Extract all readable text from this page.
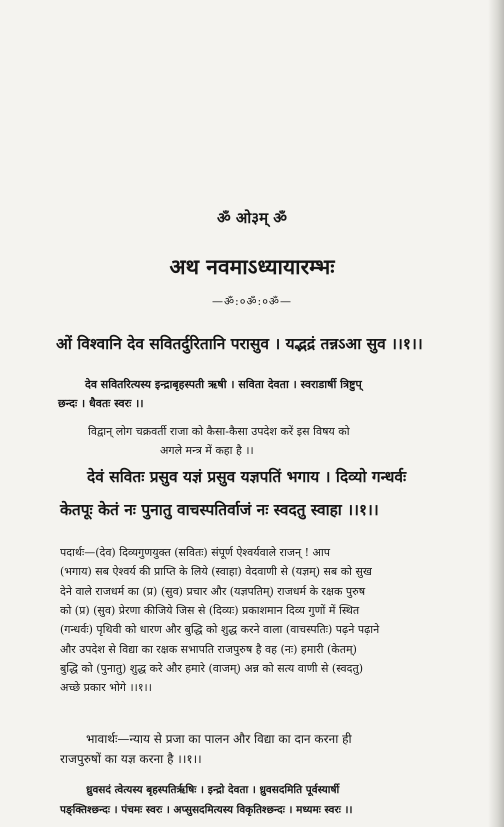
ॐ ओ३म् ॐ
अथ नवमाऽध्यायारम्भः
—ॐ:०ॐ:०ॐ—
ओं विश्वानि देव सवितर्दुरितानि परासुव । यद्भद्रं तन्नऽआ सुव ।।१।।
देव सवितरित्यस्य इन्द्राबृहस्पती ऋषी । सविता देवता । स्वराडार्षी त्रिष्टुप्
छन्दः । धैवतः स्वरः ।।
विद्वान् लोग चक्रवर्ती राजा को कैसा-कैसा उपदेश करें इस विषय को
अगले मन्त्र में कहा है ।।
देवं सवितः प्रसुव यज्ञं प्रसुव यज्ञपतिं भगाय । दिव्यो गन्धर्वः
केतपूः केतं नः पुनातु वाचस्पतिर्वाजं नः स्वदतु स्वाहा ।।१।।
पदार्थः—(देव) दिव्यगुणयुक्त (सवितः) संपूर्ण ऐश्वर्यवाले राजन् ! आप
(भगाय) सब ऐश्वर्य की प्राप्ति के लिये (स्वाहा) वेदवाणी से (यज्ञम्) सब को सुख
देने वाले राजधर्म का (प्र) (सुव) प्रचार और (यज्ञपतिम्) राजधर्म के रक्षक पुरुष
को (प्र) (सुव) प्रेरणा कीजिये जिस से (दिव्यः) प्रकाशमान दिव्य गुणों में स्थित
(गन्धर्वः) पृथिवी को धारण और बुद्धि को शुद्ध करने वाला (वाचस्पतिः) पढ़ने पढ़ाने
और उपदेश से विद्या का रक्षक सभापति राजपुरुष है वह (नः) हमारी (केतम्)
बुद्धि को (पुनातु) शुद्ध करे और हमारे (वाजम्) अन्न को सत्य वाणी से (स्वदतु)
अच्छे प्रकार भोगे ।।१।।
भावार्थः—न्याय से प्रजा का पालन और विद्या का दान करना ही
राजपुरुषों का यज्ञ करना है ।।१।।
ध्रुवसदं त्वेत्यस्य बृहस्पतिर्ऋषिः । इन्द्रो देवता । ध्रुवसदमिति पूर्वस्यार्षी
पङ्क्तिश्छन्दः । पंचमः स्वरः । अप्सुसदमित्यस्य विकृतिश्छन्दः । मध्यमः स्वरः ।।
